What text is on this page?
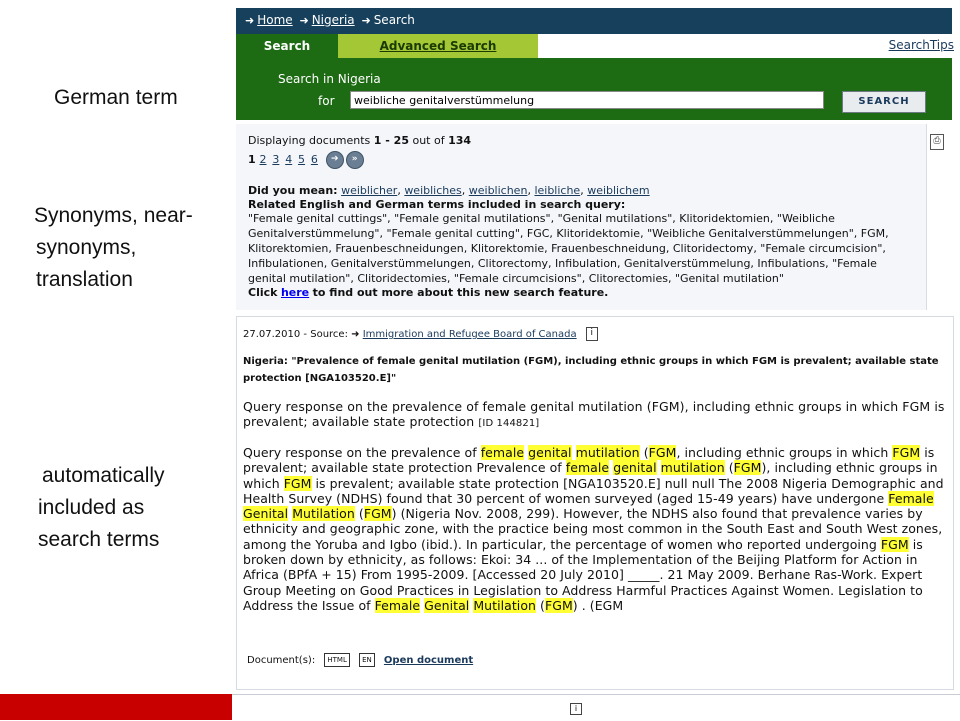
German term
Synonyms, near-
synonyms,
translation
automatically
included as
search terms
➜ Home ➜ Nigeria ➜ Search
Search	Advanced Search	SearchTips
Search in Nigeria
for
weibliche genitalverstümmelung	SEARCH
Displaying documents 1 - 25 out of 134
1 2 3 4 5 6 ➔ »
Did you mean: weiblicher, weibliches, weiblichen, leibliche, weiblichem
Related English and German terms included in search query:
"Female genital cuttings", "Female genital mutilations", "Genital mutilations", Klitoridektomien, "Weibliche Genitalverstümmelung", "Female genital cutting", FGC, Klitoridektomie, "Weibliche Genitalverstümmelungen", FGM, Klitorektomien, Frauenbeschneidungen, Klitorektomie, Frauenbeschneidung, Clitoridectomy, "Female circumcision", Infibulationen, Genitalverstümmelungen, Clitorectomy, Infibulation, Genitalverstümmelung, Infibulations, "Female genital mutilation", Clitoridectomies, "Female circumcisions", Clitorectomies, "Genital mutilation"
Click here to find out more about this new search feature.
⎙
27.07.2010 - Source: ➜ Immigration and Refugee Board of Canada i
Nigeria: "Prevalence of female genital mutilation (FGM), including ethnic groups in which FGM is prevalent; available state protection [NGA103520.E]"
Query response on the prevalence of female genital mutilation (FGM), including ethnic groups in which FGM is prevalent; available state protection [ID 144821]
Query response on the prevalence of female genital mutilation (FGM, including ethnic groups in which FGM is prevalent; available state protection Prevalence of female genital mutilation (FGM), including ethnic groups in which FGM is prevalent; available state protection [NGA103520.E] null null The 2008 Nigeria Demographic and Health Survey (NDHS) found that 30 percent of women surveyed (aged 15-49 years) have undergone Female Genital Mutilation (FGM) (Nigeria Nov. 2008, 299). However, the NDHS also found that prevalence varies by ethnicity and geographic zone, with the practice being most common in the South East and South West zones, among the Yoruba and Igbo (ibid.). In particular, the percentage of women who reported undergoing FGM is broken down by ethnicity, as follows: Ekoi: 34 ... of the Implementation of the Beijing Platform for Action in Africa (BPfA + 15) From 1995-2009. [Accessed 20 July 2010] _____. 21 May 2009. Berhane Ras-Work. Expert Group Meeting on Good Practices in Legislation to Address Harmful Practices Against Women. Legislation to Address the Issue of Female Genital Mutilation (FGM) . (EGM
Document(s): HTML EN Open document
i
